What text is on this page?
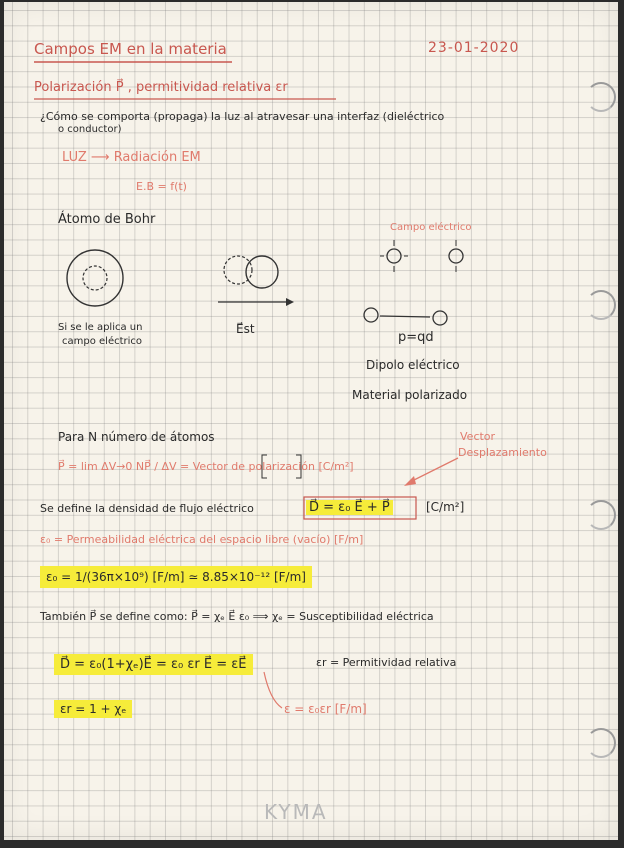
Campos EM en la materia	23-01-2020
Polarización P⃗ , permitividad relativa εr
¿Cómo se comporta (propaga) la luz al atravesar una interfaz (dieléctrico
o conductor)
LUZ ⟶ Radiación EM
E.B = f(t)
Átomo de Bohr
Campo eléctrico
Si se le aplica un
campo eléctrico
E⃗st
p=qd
Dipolo eléctrico
Material polarizado
Para N número de átomos	Vector
Desplazamiento
P⃗ = lim ΔV→0 NP⃗ / ΔV = Vector de polarización [C/m²]
Se define la densidad de flujo eléctrico	D⃗ = ε₀ E⃗ + P⃗	[C/m²]
ε₀ = Permeabilidad eléctrica del espacio libre (vacío) [F/m]
ε₀ = 1/(36π×10⁹) [F/m] ≃ 8.85×10⁻¹² [F/m]
También P⃗ se define como: P⃗ = χₑ E⃗ ε₀ ⟹ χₑ = Susceptibilidad eléctrica
D⃗ = ε₀(1+χₑ)E⃗ = ε₀ εr E⃗ = εE⃗	εr = Permitividad relativa
εr = 1 + χₑ	ε = ε₀εr [F/m]
KYMA
